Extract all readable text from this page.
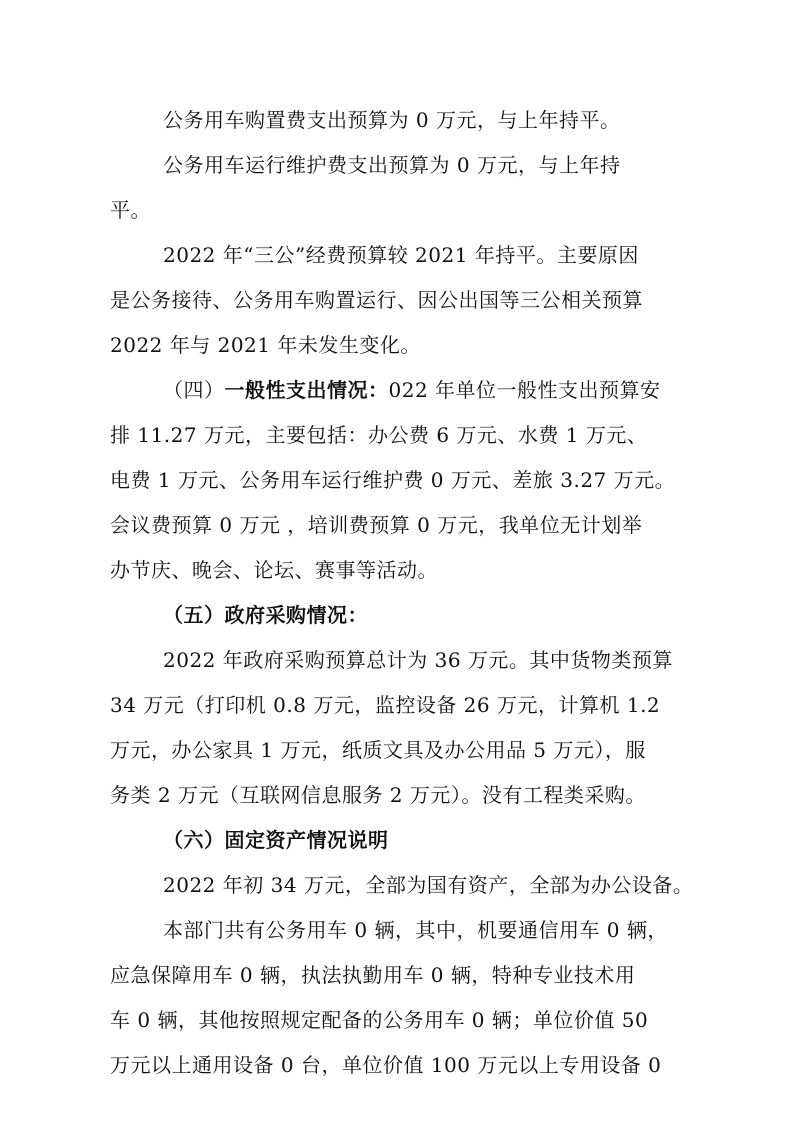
公务用车购置费支出预算为 0 万元，与上年持平。
公务用车运行维护费支出预算为 0 万元，与上年持
平。
2022 年“三公”经费预算较 2021 年持平。主要原因
是公务接待、公务用车购置运行、因公出国等三公相关预算
2022 年与 2021 年未发生变化。
（四）一般性支出情况：022 年单位一般性支出预算安
排 11.27 万元，主要包括：办公费 6 万元、水费 1 万元、
电费 1 万元、公务用车运行维护费 0 万元、差旅 3.27 万元。
会议费预算 0 万元 ，培训费预算 0 万元，我单位无计划举
办节庆、晚会、论坛、赛事等活动。
（五）政府采购情况：
2022 年政府采购预算总计为 36 万元。其中货物类预算
34 万元（打印机 0.8 万元，监控设备 26 万元，计算机 1.2
万元，办公家具 1 万元，纸质文具及办公用品 5 万元），服
务类 2 万元（互联网信息服务 2 万元）。没有工程类采购。
（六）固定资产情况说明
2022 年初 34 万元，全部为国有资产，全部为办公设备。
本部门共有公务用车 0 辆，其中，机要通信用车 0 辆，
应急保障用车 0 辆，执法执勤用车 0 辆，特种专业技术用
车 0 辆，其他按照规定配备的公务用车 0 辆；单位价值 50
万元以上通用设备 0 台，单位价值 100 万元以上专用设备 0
